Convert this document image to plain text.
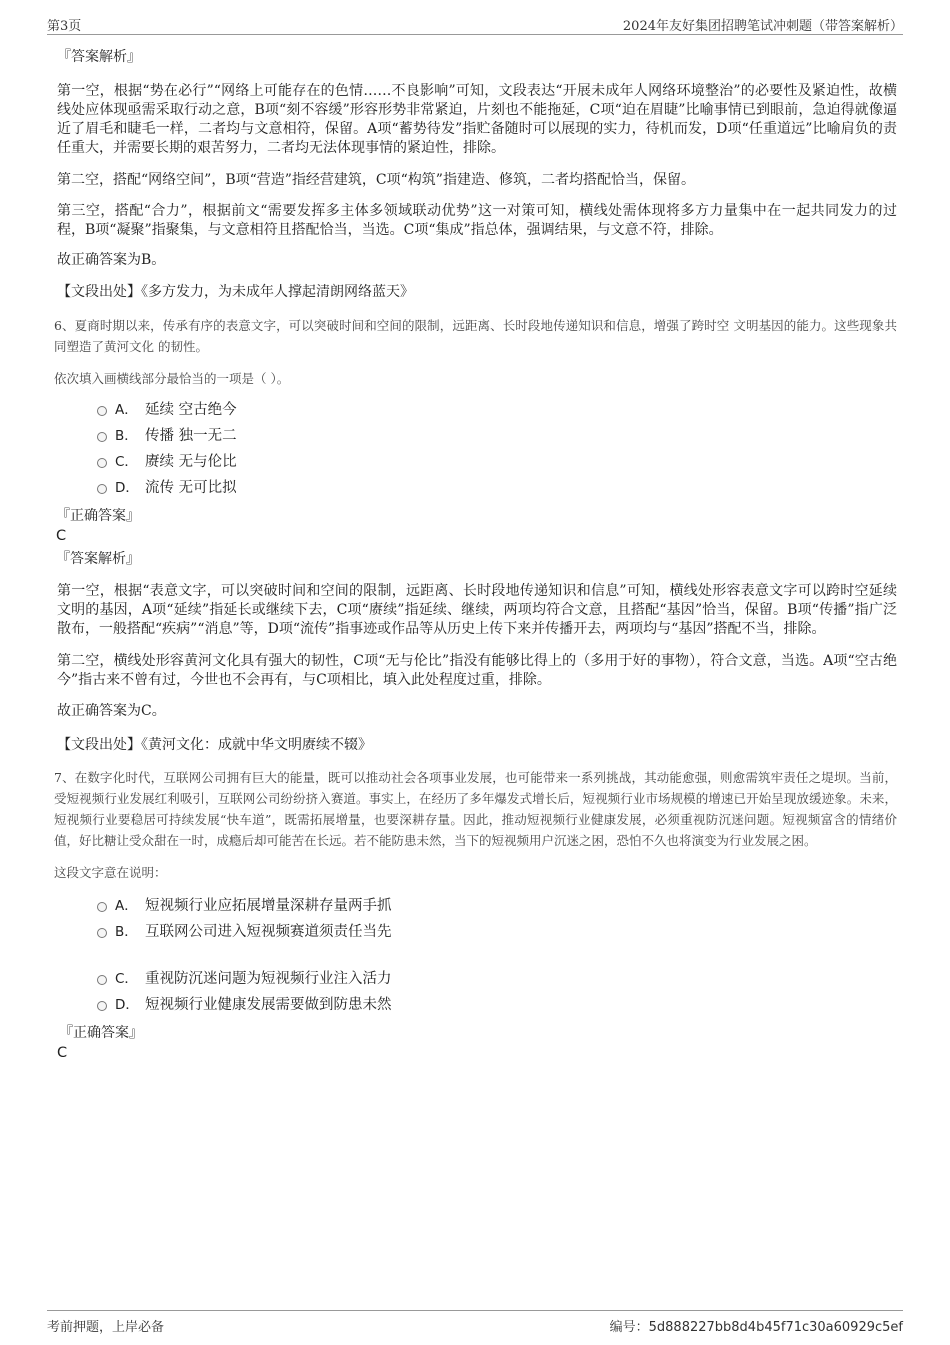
第3页	2024年友好集团招聘笔试冲刺题（带答案解析）

『答案解析』

第一空，根据“势在必行”“网络上可能存在的色情……不良影响”可知，文段表达“开展未成年人网络环境整治”的必要性及紧迫性，故横线处应体现亟需采取行动之意，B项“刻不容缓”形容形势非常紧迫，片刻也不能拖延，C项“迫在眉睫”比喻事情已到眼前，急迫得就像逼近了眉毛和睫毛一样，二者均与文意相符，保留。A项“蓄势待发”指贮备随时可以展现的实力，待机而发，D项“任重道远”比喻肩负的责任重大，并需要长期的艰苦努力，二者均无法体现事情的紧迫性，排除。

第二空，搭配“网络空间”，B项“营造”指经营建筑，C项“构筑”指建造、修筑，二者均搭配恰当，保留。

第三空，搭配“合力”，根据前文“需要发挥多主体多领域联动优势”这一对策可知，横线处需体现将多方力量集中在一起共同发力的过程，B项“凝聚”指聚集，与文意相符且搭配恰当，当选。C项“集成”指总体，强调结果，与文意不符，排除。

故正确答案为B。

【文段出处】《多方发力，为未成年人撑起清朗网络蓝天》

6、夏商时期以来，传承有序的表意文字，可以突破时间和空间的限制，远距离、长时段地传递知识和信息，增强了跨时空 文明基因的能力。这些现象共同塑造了黄河文化 的韧性。

依次填入画横线部分最恰当的一项是（ ）。

A． 延续 空古绝今
B． 传播 独一无二
C． 赓续 无与伦比
D． 流传 无可比拟

『正确答案』

C

『答案解析』

第一空，根据“表意文字，可以突破时间和空间的限制，远距离、长时段地传递知识和信息”可知，横线处形容表意文字可以跨时空延续文明的基因，A项“延续”指延长或继续下去，C项“赓续”指延续、继续，两项均符合文意，且搭配“基因”恰当，保留。B项“传播”指广泛散布，一般搭配“疾病”“消息”等，D项“流传”指事迹或作品等从历史上传下来并传播开去，两项均与“基因”搭配不当，排除。

第二空，横线处形容黄河文化具有强大的韧性，C项“无与伦比”指没有能够比得上的（多用于好的事物），符合文意，当选。A项“空古绝今”指古来不曾有过，今世也不会再有，与C项相比，填入此处程度过重，排除。

故正确答案为C。

【文段出处】《黄河文化：成就中华文明赓续不辍》

7、在数字化时代，互联网公司拥有巨大的能量，既可以推动社会各项事业发展，也可能带来一系列挑战，其动能愈强，则愈需筑牢责任之堤坝。当前，受短视频行业发展红利吸引，互联网公司纷纷挤入赛道。事实上，在经历了多年爆发式增长后，短视频行业市场规模的增速已开始呈现放缓迹象。未来，短视频行业要稳居可持续发展“快车道”，既需拓展增量，也要深耕存量。因此，推动短视频行业健康发展，必须重视防沉迷问题。短视频富含的情绪价值，好比糖让受众甜在一时，成瘾后却可能苦在长远。若不能防患未然，当下的短视频用户沉迷之困，恐怕不久也将演变为行业发展之困。

这段文字意在说明：

A． 短视频行业应拓展增量深耕存量两手抓
B． 互联网公司进入短视频赛道须责任当先
C． 重视防沉迷问题为短视频行业注入活力
D． 短视频行业健康发展需要做到防患未然

『正确答案』

C

考前押题，上岸必备	编号：5d888227bb8d4b45f71c30a60929c5ef
